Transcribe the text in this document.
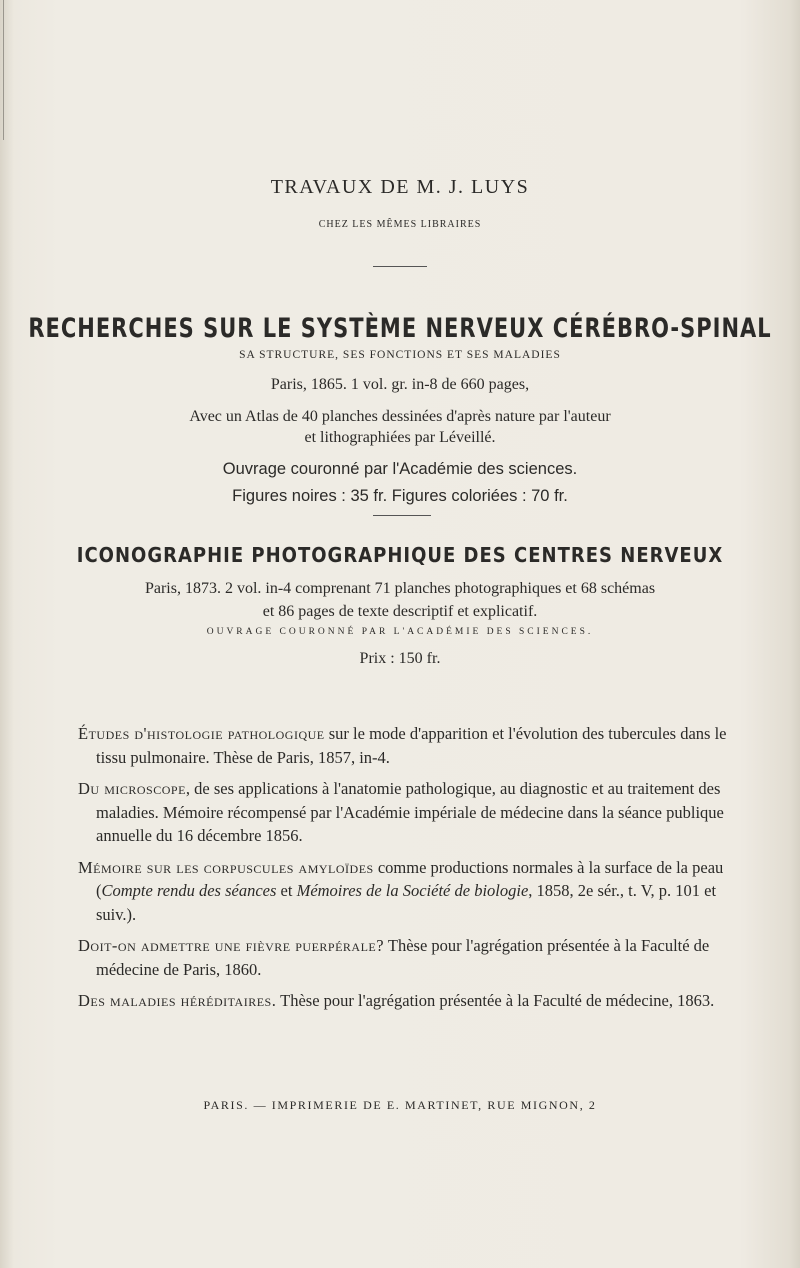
TRAVAUX DE M. J. LUYS
CHEZ LES MÊMES LIBRAIRES
RECHERCHES SUR LE SYSTÈME NERVEUX CÉRÉBRO-SPINAL
SA STRUCTURE, SES FONCTIONS ET SES MALADIES
Paris, 1865. 1 vol. gr. in-8 de 660 pages,
Avec un Atlas de 40 planches dessinées d'après nature par l'auteur
et lithographiées par Léveillé.
Ouvrage couronné par l'Académie des sciences.
Figures noires : 35 fr. Figures coloriées : 70 fr.
ICONOGRAPHIE PHOTOGRAPHIQUE DES CENTRES NERVEUX
Paris, 1873. 2 vol. in-4 comprenant 71 planches photographiques et 68 schémas
et 86 pages de texte descriptif et explicatif.
OUVRAGE COURONNÉ PAR L'ACADÉMIE DES SCIENCES.
Prix : 150 fr.

Études d'histologie pathologique sur le mode d'apparition et l'évolution des tubercules dans le tissu pulmonaire. Thèse de Paris, 1857, in-4.

Du microscope, de ses applications à l'anatomie pathologique, au diagnostic et au traitement des maladies. Mémoire récompensé par l'Académie impériale de médecine dans la séance publique annuelle du 16 décembre 1856.

Mémoire sur les corpuscules amyloïdes comme productions normales à la surface de la peau (Compte rendu des séances et Mémoires de la Société de biologie, 1858, 2e sér., t. V, p. 101 et suiv.).

Doit-on admettre une fièvre puerpérale? Thèse pour l'agrégation présentée à la Faculté de médecine de Paris, 1860.

Des maladies héréditaires. Thèse pour l'agrégation présentée à la Faculté de médecine, 1863.

PARIS. — IMPRIMERIE DE E. MARTINET, RUE MIGNON, 2
